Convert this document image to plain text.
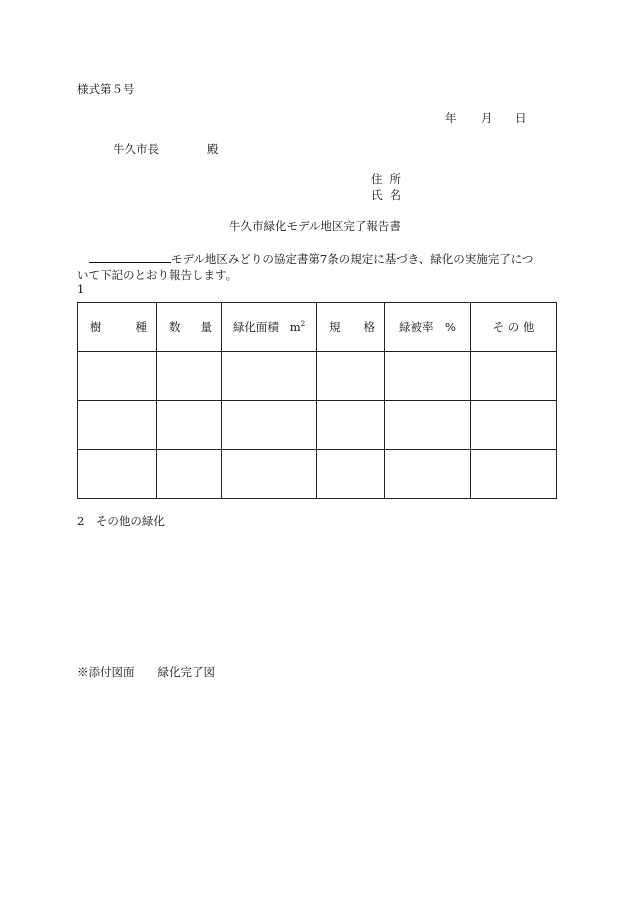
様式第５号
年 月 日
牛久市長	殿
住所
氏名
牛久市緑化モデル地区完了報告書
モデル地区みどりの協定書第7条の規定に基づき、緑化の実施完了につ
いて下記のとおり報告します。
1
樹 種	数 量	緑化面積 $m^2$	規 格	緑被率　%	そ の 他

2　その他の緑化
※添付図面　　緑化完了図
